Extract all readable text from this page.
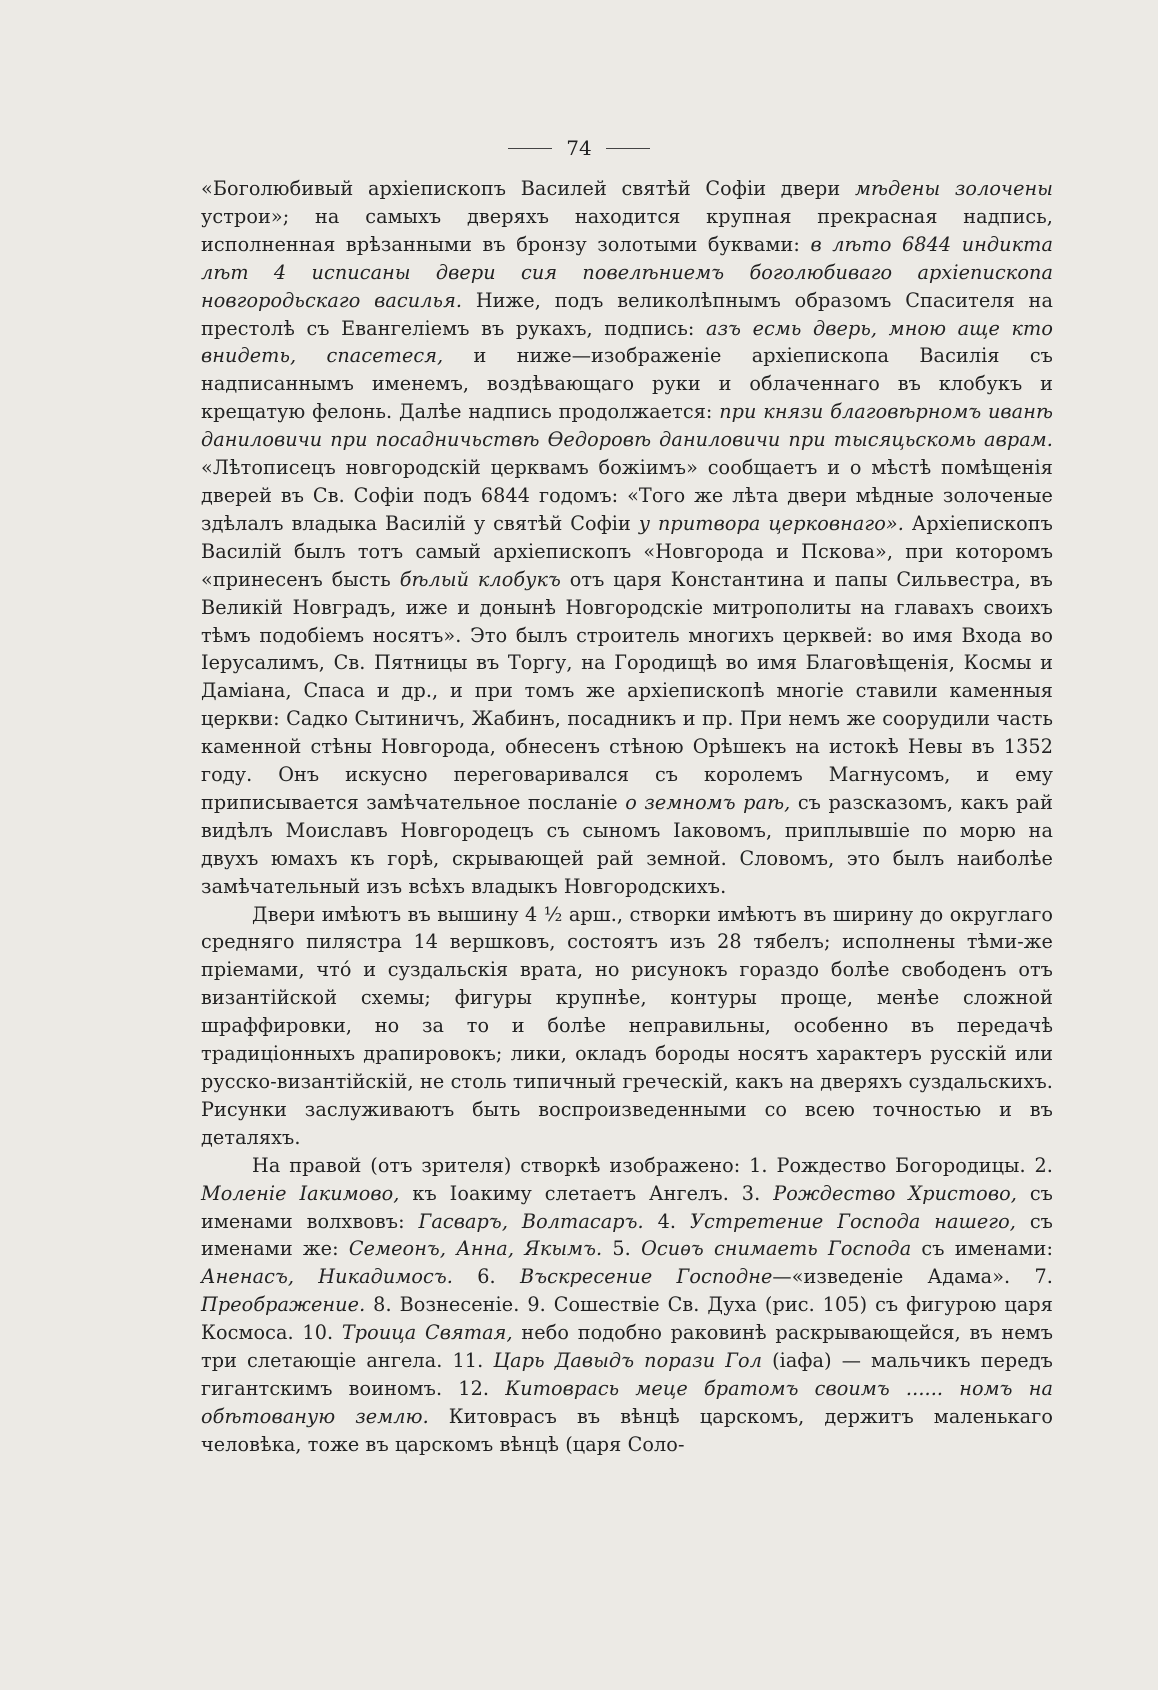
74

«Боголюбивый архіепископъ Василей святѣй Софіи двери мѣдены золочены устрои»; на самыхъ дверяхъ находится крупная прекрасная надпись, исполненная врѣзанными въ бронзу золотыми буквами: в лѣто 6844 индикта лѣт 4 исписаны двери сия повелѣниемъ боголюбиваго архіепископа новгородьскаго василья. Ниже, подъ великолѣпнымъ образомъ Спасителя на престолѣ съ Евангеліемъ въ рукахъ, подпись: азъ есмь дверь, мною аще кто внидеть, спасетеся, и ниже—изображеніе архіепископа Василія съ надписаннымъ именемъ, воздѣвающаго руки и облаченнаго въ клобукъ и крещатую фелонь. Далѣе надпись продолжается: при князи благовѣрномъ иванѣ даниловичи при посадничьствѣ Өедоровѣ даниловичи при тысяцьскомь аврам. «Лѣтописецъ новгородскій церквамъ божіимъ» сообщаетъ и о мѣстѣ помѣщенія дверей въ Св. Софіи подъ 6844 годомъ: «Того же лѣта двери мѣдные золоченые здѣлалъ владыка Василій у святѣй Софіи у притвора церковнаго». Архіепископъ Василій былъ тотъ самый архіепископъ «Новгорода и Пскова», при которомъ «принесенъ бысть бѣлый клобукъ отъ царя Константина и папы Сильвестра, въ Великій Новградъ, иже и донынѣ Новгородскіе митрополиты на главахъ своихъ тѣмъ подобіемъ носятъ». Это былъ строитель многихъ церквей: во имя Входа во Іерусалимъ, Св. Пятницы въ Торгу, на Городищѣ во имя Благовѣщенія, Космы и Даміана, Спаса и др., и при томъ же архіепископѣ многіе ставили каменныя церкви: Садко Сытиничъ, Жабинъ, посадникъ и пр. При немъ же соорудили часть каменной стѣны Новгорода, обнесенъ стѣною Орѣшекъ на истокѣ Невы въ 1352 году. Онъ искусно переговаривался съ королемъ Магнусомъ, и ему приписывается замѣчательное посланіе о земномъ раѣ, съ разсказомъ, какъ рай видѣлъ Моиславъ Новгородецъ съ сыномъ Іаковомъ, приплывшіе по морю на двухъ юмахъ къ горѣ, скрывающей рай земной. Словомъ, это былъ наиболѣе замѣчательный изъ всѣхъ владыкъ Новгородскихъ.

Двери имѣютъ въ вышину 4 ½ арш., створки имѣютъ въ ширину до округлаго средняго пилястра 14 вершковъ, состоятъ изъ 28 тябелъ; исполнены тѣми-же пріемами, что́ и суздальскія врата, но рисунокъ гораздо болѣе свободенъ отъ византійской схемы; фигуры крупнѣе, контуры проще, менѣе сложной шраффировки, но за то и болѣе неправильны, особенно въ передачѣ традиціонныхъ драпировокъ; лики, окладъ бороды носятъ характеръ русскій или русско-византійскій, не столь типичный греческій, какъ на дверяхъ суздальскихъ. Рисунки заслуживаютъ быть воспроизведенными со всею точностью и въ деталяхъ.

На правой (отъ зрителя) створкѣ изображено: 1. Рождество Богородицы. 2. Моленіе Іакимово, къ Іоакиму слетаетъ Ангелъ. 3. Рождество Христово, съ именами волхвовъ: Гасваръ, Волтасаръ. 4. Устретение Господа нашего, съ именами же: Семеонъ, Анна, Якымъ. 5. Осиѳъ снимаеть Господа съ именами: Аненасъ, Никадимосъ. 6. Въскресение Господне—«изведеніе Адама». 7. Преображение. 8. Вознесеніе. 9. Сошествіе Св. Духа (рис. 105) съ фигурою царя Космоса. 10. Троица Святая, небо подобно раковинѣ раскрывающейся, въ немъ три слетающіе ангела. 11. Царь Давыдъ порази Гол (іафа) — мальчикъ передъ гигантскимъ воиномъ. 12. Китоврась меце братомъ своимъ ...... номъ на обѣтованую землю. Китоврасъ въ вѣнцѣ царскомъ, держитъ маленькаго человѣка, тоже въ царскомъ вѣнцѣ (царя Соло-
